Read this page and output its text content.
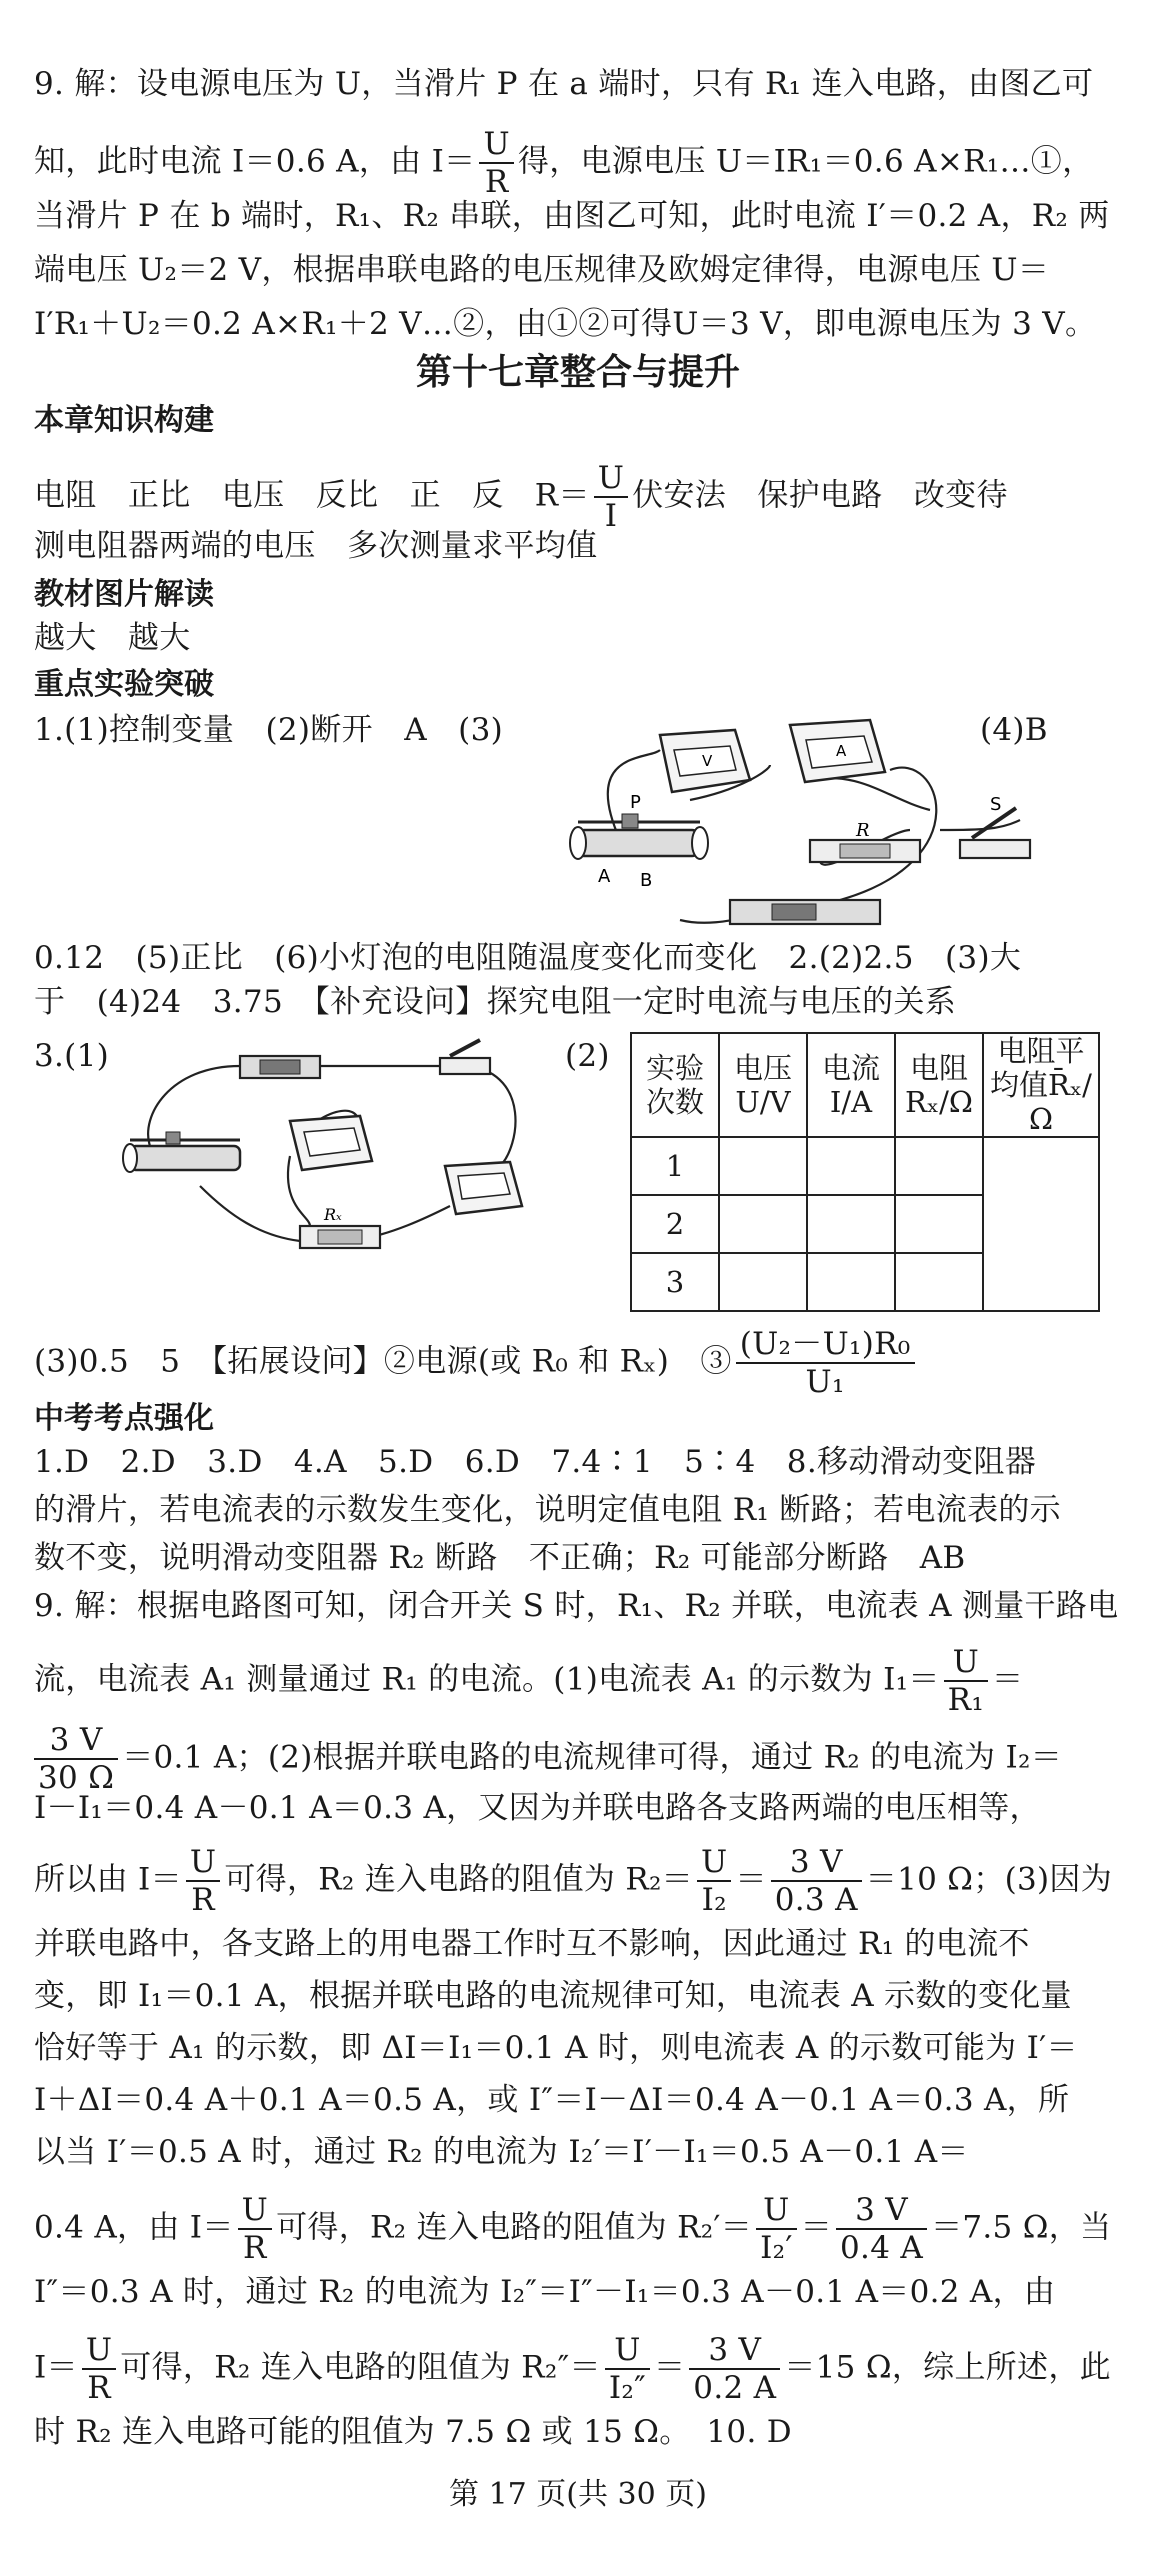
9. 解：设电源电压为 U，当滑片 P 在 a 端时，只有 R₁ 连入电路，由图乙可
知，此时电流 I＝0.6 A，由 $I= \frac{U}{R}$ 得，电源电压 U＝IR₁＝0.6 A×R₁…①，
当滑片 P 在 b 端时，R₁、R₂ 串联，由图乙可知，此时电流 I′＝0.2 A，R₂ 两
端电压 U₂＝2 V，根据串联电路的电压规律及欧姆定律得，电源电压 U＝
I′R₁＋U₂＝0.2 A×R₁＋2 V…②，由①②可得U＝3 V，即电源电压为 3 V。
第十七章整合与提升
本章知识构建
电阻　正比　电压　反比　正　反　$R= \frac{U}{I}$ 伏安法　保护电路　改变待
测电阻器两端的电压　多次测量求平均值
教材图片解读
越大　越大
重点实验突破
1.(1)控制变量　(2)断开　A　(3)	(4)B
V
A
P
A B
R
S
0.12　(5)正比　(6)小灯泡的电阻随温度变化而变化　2.(2)2.5　(3)大
于　(4)24　3.75　【补充设问】探究电阻一定时电流与电压的关系
3.(1)	(2)
Rₓ
实验次数	电压U/V	电流I/A	电阻Rₓ/Ω	电阻平均值R̄ₓ/Ω
1				
2				
3				
(3)0.5　5　【拓展设问】②电源(或 R₀ 和 Rₓ)　③ $\frac{\text{(U₂－U₁)R₀}}{\text{U₁}}$
中考考点强化
1.D　2.D　3.D　4.A　5.D　6.D　7.4∶1　5∶4　8.移动滑动变阻器
的滑片，若电流表的示数发生变化，说明定值电阻 R₁ 断路；若电流表的示
数不变，说明滑动变阻器 R₂ 断路　不正确；R₂ 可能部分断路　AB
9. 解：根据电路图可知，闭合开关 S 时，R₁、R₂ 并联，电流表 A 测量干路电
流，电流表 A₁ 测量通过 R₁ 的电流。(1)电流表 A₁ 的示数为 $I_1= \frac{U}{\text{R₁}}$ ＝
$\frac{3 V}{30 \Omega} =0.1$ A；(2)根据并联电路的电流规律可得，通过 R₂ 的电流为 I₂＝
I－I₁＝0.4 A－0.1 A＝0.3 A，又因为并联电路各支路两端的电压相等，
所以由 $I= \frac{U}{R}$ 可得，R₂ 连入电路的阻值为 $R_2= \frac{U}{\text{I₂}} = \frac{3 V}{0.3 A} =10$ Ω；(3)因为
并联电路中，各支路上的用电器工作时互不影响，因此通过 R₁ 的电流不
变，即 I₁＝0.1 A，根据并联电路的电流规律可知，电流表 A 示数的变化量
恰好等于 A₁ 的示数，即 ΔI＝I₁＝0.1 A 时，则电流表 A 的示数可能为 I′＝
I＋ΔI＝0.4 A＋0.1 A＝0.5 A，或 I″＝I－ΔI＝0.4 A－0.1 A＝0.3 A，所
以当 I′＝0.5 A 时，通过 R₂ 的电流为 I₂′＝I′－I₁＝0.5 A－0.1 A＝
0.4 A，由 $I= \frac{U}{R}$ 可得，R₂ 连入电路的阻值为 $R_2'= \frac{U}{\text{I₂′}} = \frac{3 V}{0.4 A} =7.5$ Ω，当
I″＝0.3 A 时，通过 R₂ 的电流为 I₂″＝I″－I₁＝0.3 A－0.1 A＝0.2 A，由
$I= \frac{U}{R}$ 可得，R₂ 连入电路的阻值为 $R_2''= \frac{U}{\text{I₂″}} = \frac{3 V}{0.2 A} =15$ Ω，综上所述，此
时 R₂ 连入电路可能的阻值为 7.5 Ω 或 15 Ω。　10. D
第 17 页(共 30 页)
